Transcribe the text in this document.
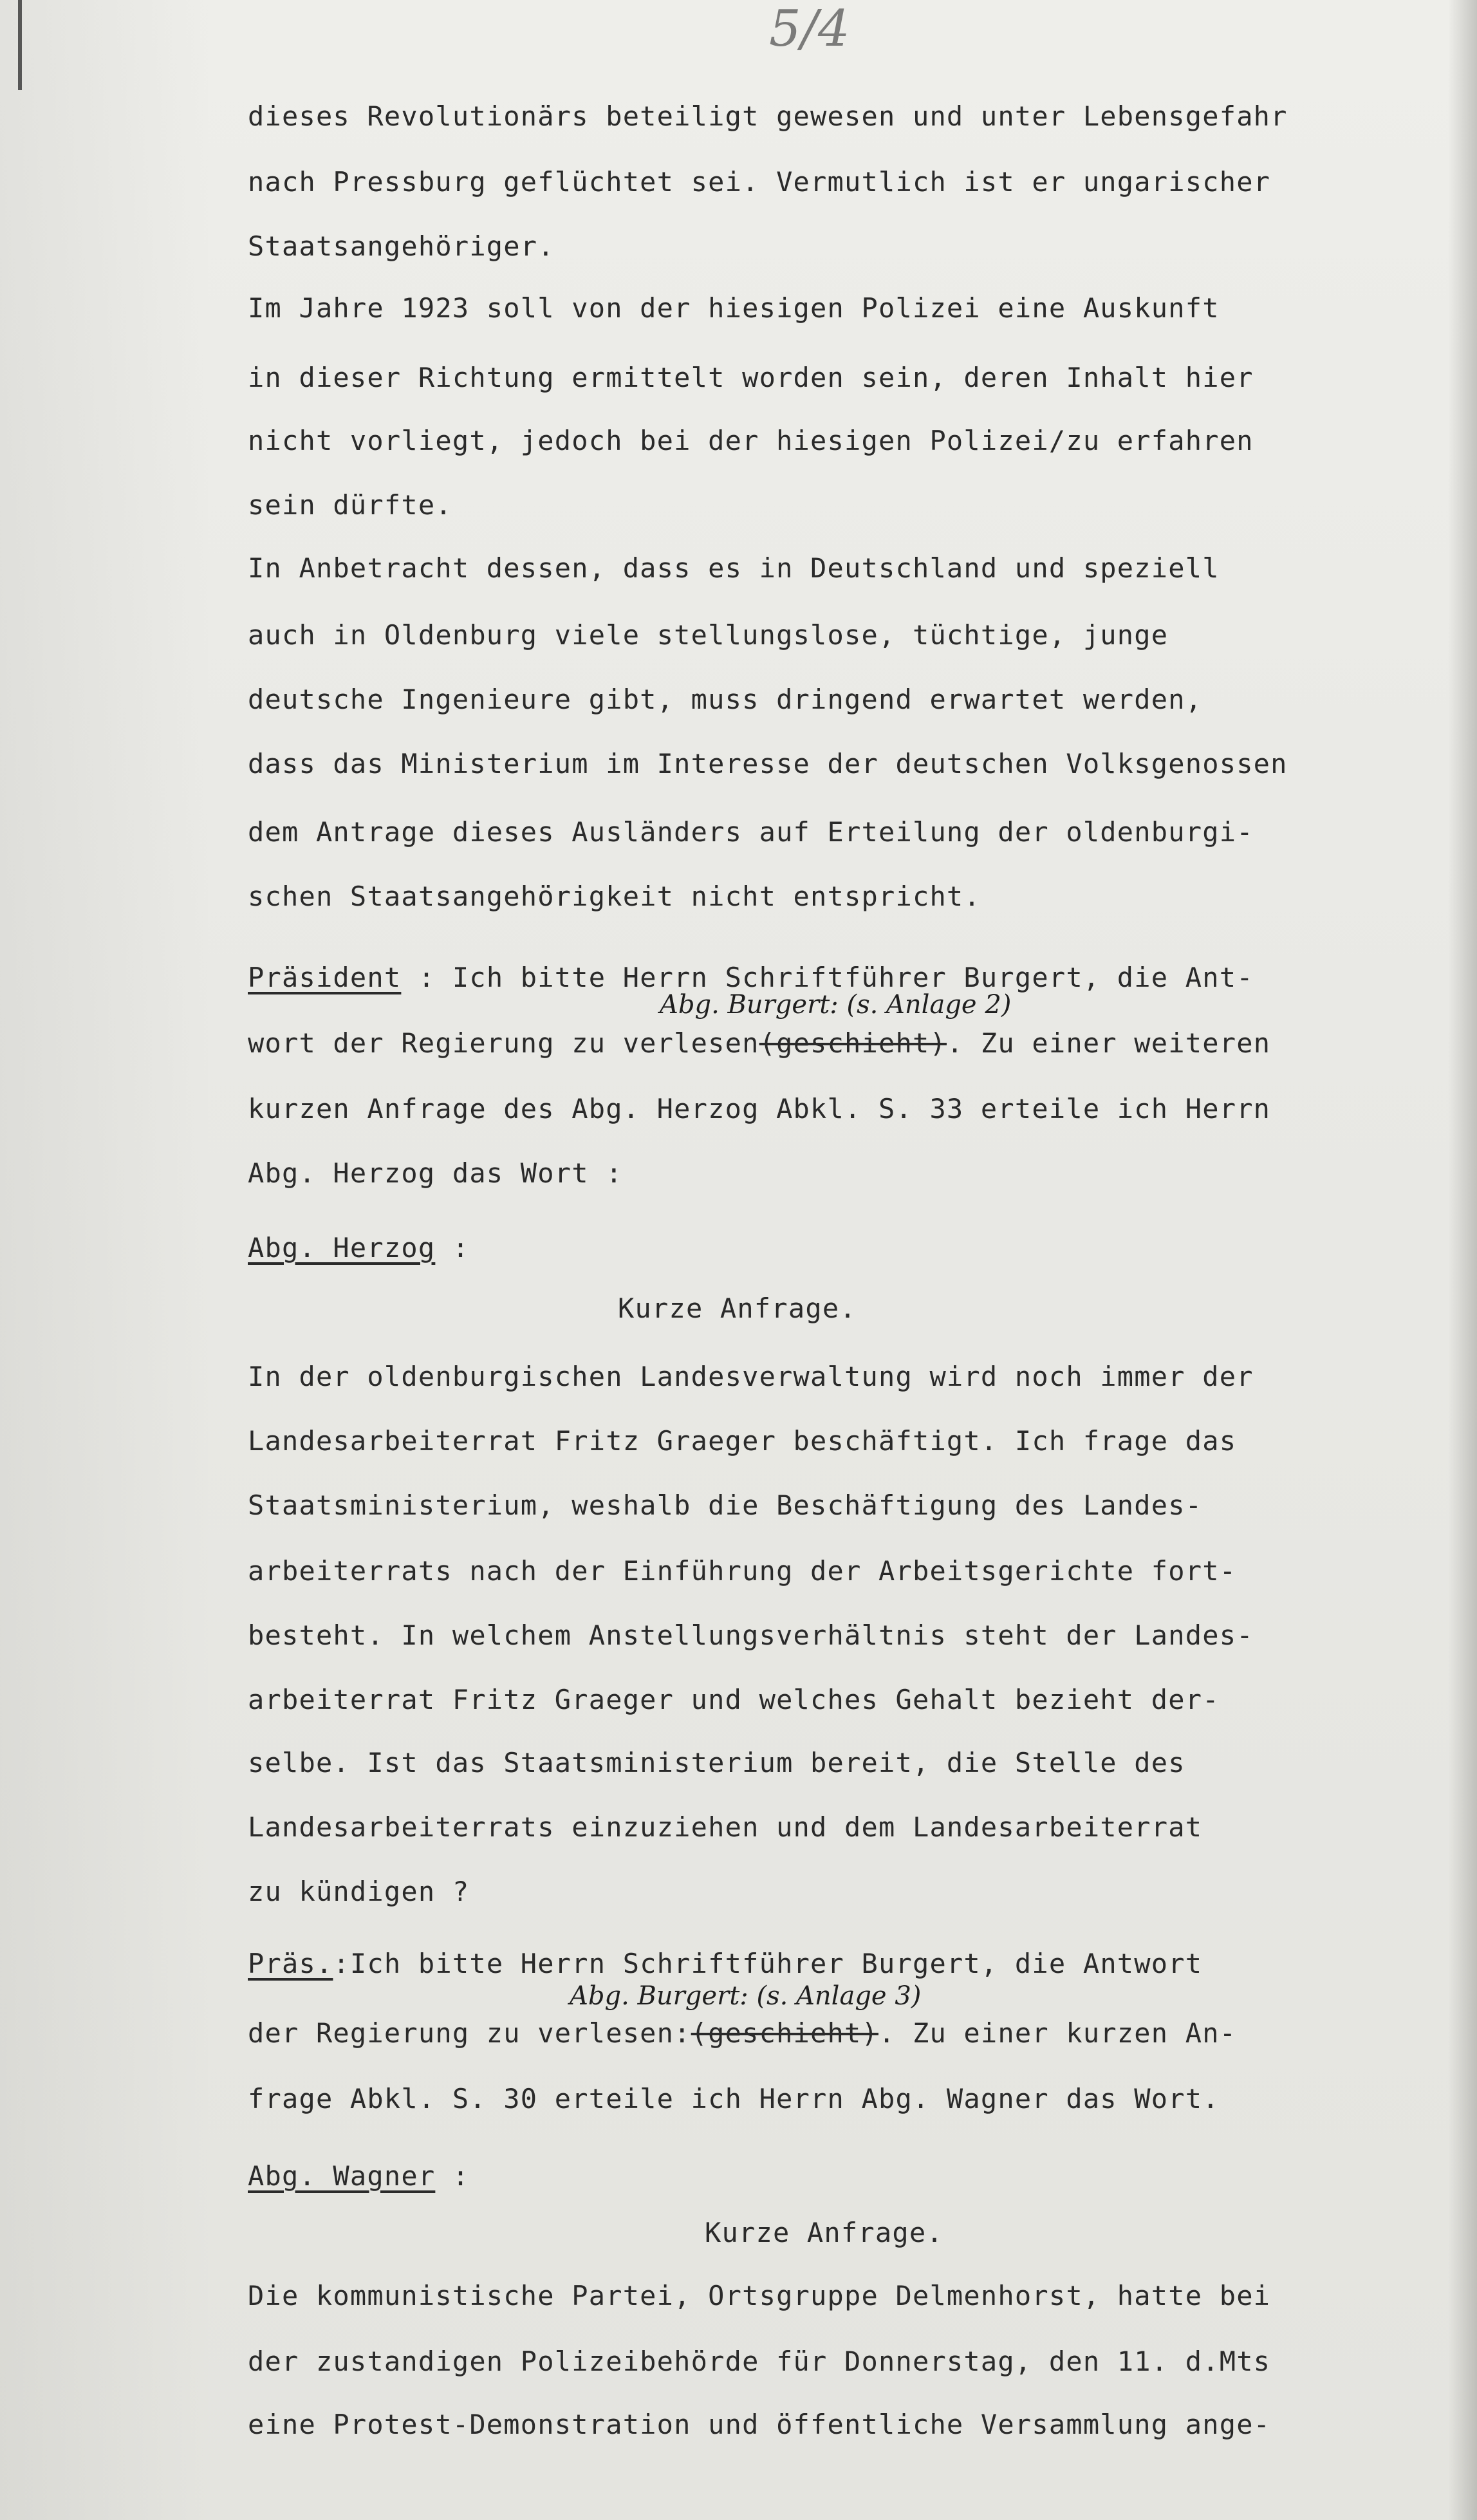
5/4
dieses Revolutionärs beteiligt gewesen und unter Lebensgefahr
nach Pressburg geflüchtet sei. Vermutlich ist er ungarischer
Staatsangehöriger.
Im Jahre 1923 soll von der hiesigen Polizei eine Auskunft
in dieser Richtung ermittelt worden sein, deren Inhalt hier
nicht vorliegt, jedoch bei der hiesigen Polizei/zu erfahren
sein dürfte.
In Anbetracht dessen, dass es in Deutschland und speziell
auch in Oldenburg viele stellungslose, tüchtige, junge
deutsche Ingenieure gibt, muss dringend erwartet werden,
dass das Ministerium im Interesse der deutschen Volksgenossen
dem Antrage dieses Ausländers auf Erteilung der oldenburgi-
schen Staatsangehörigkeit nicht entspricht.
Präsident : Ich bitte Herrn Schriftführer Burgert, die Ant-
Abg. Burgert: (s. Anlage 2)
wort der Regierung zu verlesen(geschieht). Zu einer weiteren
kurzen Anfrage des Abg. Herzog Abkl. S. 33 erteile ich Herrn
Abg. Herzog das Wort :
Abg. Herzog :
Kurze Anfrage.
In der oldenburgischen Landesverwaltung wird noch immer der
Landesarbeiterrat Fritz Graeger beschäftigt. Ich frage das
Staatsministerium, weshalb die Beschäftigung des Landes-
arbeiterrats nach der Einführung der Arbeitsgerichte fort-
besteht. In welchem Anstellungsverhältnis steht der Landes-
arbeiterrat Fritz Graeger und welches Gehalt bezieht der-
selbe. Ist das Staatsministerium bereit, die Stelle des
Landesarbeiterrats einzuziehen und dem Landesarbeiterrat
zu kündigen ?
Präs.:Ich bitte Herrn Schriftführer Burgert, die Antwort
Abg. Burgert: (s. Anlage 3)
der Regierung zu verlesen:(geschieht). Zu einer kurzen An-
frage Abkl. S. 30 erteile ich Herrn Abg. Wagner das Wort.
Abg. Wagner :
Kurze Anfrage.
Die kommunistische Partei, Ortsgruppe Delmenhorst, hatte bei
der zustandigen Polizeibehörde für Donnerstag, den 11. d.Mts
eine Protest-Demonstration und öffentliche Versammlung ange-
